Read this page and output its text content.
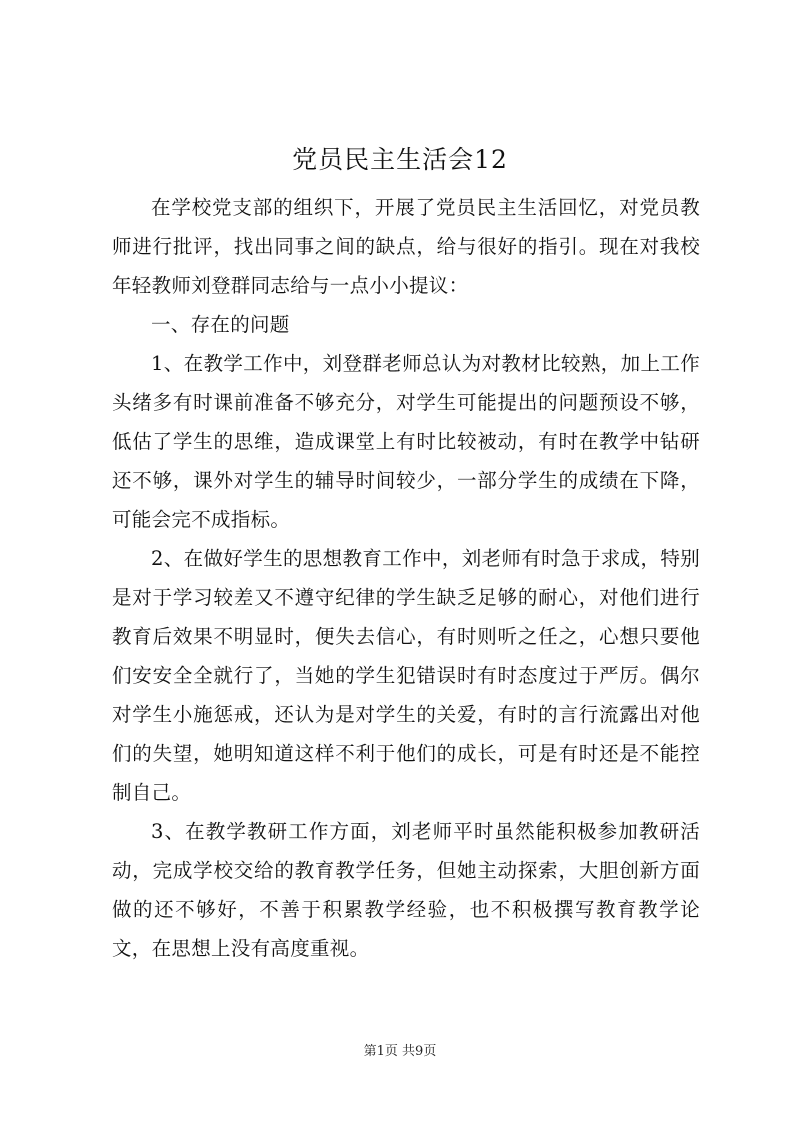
党员民主生活会12

在学校党支部的组织下，开展了党员民主生活回忆，对党员教师进行批评，找出同事之间的缺点，给与很好的指引。现在对我校年轻教师刘登群同志给与一点小小提议：

一、存在的问题

1、在教学工作中，刘登群老师总认为对教材比较熟，加上工作头绪多有时课前准备不够充分，对学生可能提出的问题预设不够，低估了学生的思维，造成课堂上有时比较被动，有时在教学中钻研还不够，课外对学生的辅导时间较少，一部分学生的成绩在下降，可能会完不成指标。

2、在做好学生的思想教育工作中，刘老师有时急于求成，特别是对于学习较差又不遵守纪律的学生缺乏足够的耐心，对他们进行教育后效果不明显时，便失去信心，有时则听之任之，心想只要他们安安全全就行了，当她的学生犯错误时有时态度过于严厉。偶尔对学生小施惩戒，还认为是对学生的关爱，有时的言行流露出对他们的失望，她明知道这样不利于他们的成长，可是有时还是不能控制自己。

3、在教学教研工作方面，刘老师平时虽然能积极参加教研活动，完成学校交给的教育教学任务，但她主动探索，大胆创新方面做的还不够好，不善于积累教学经验，也不积极撰写教育教学论文，在思想上没有高度重视。

第1页 共9页
